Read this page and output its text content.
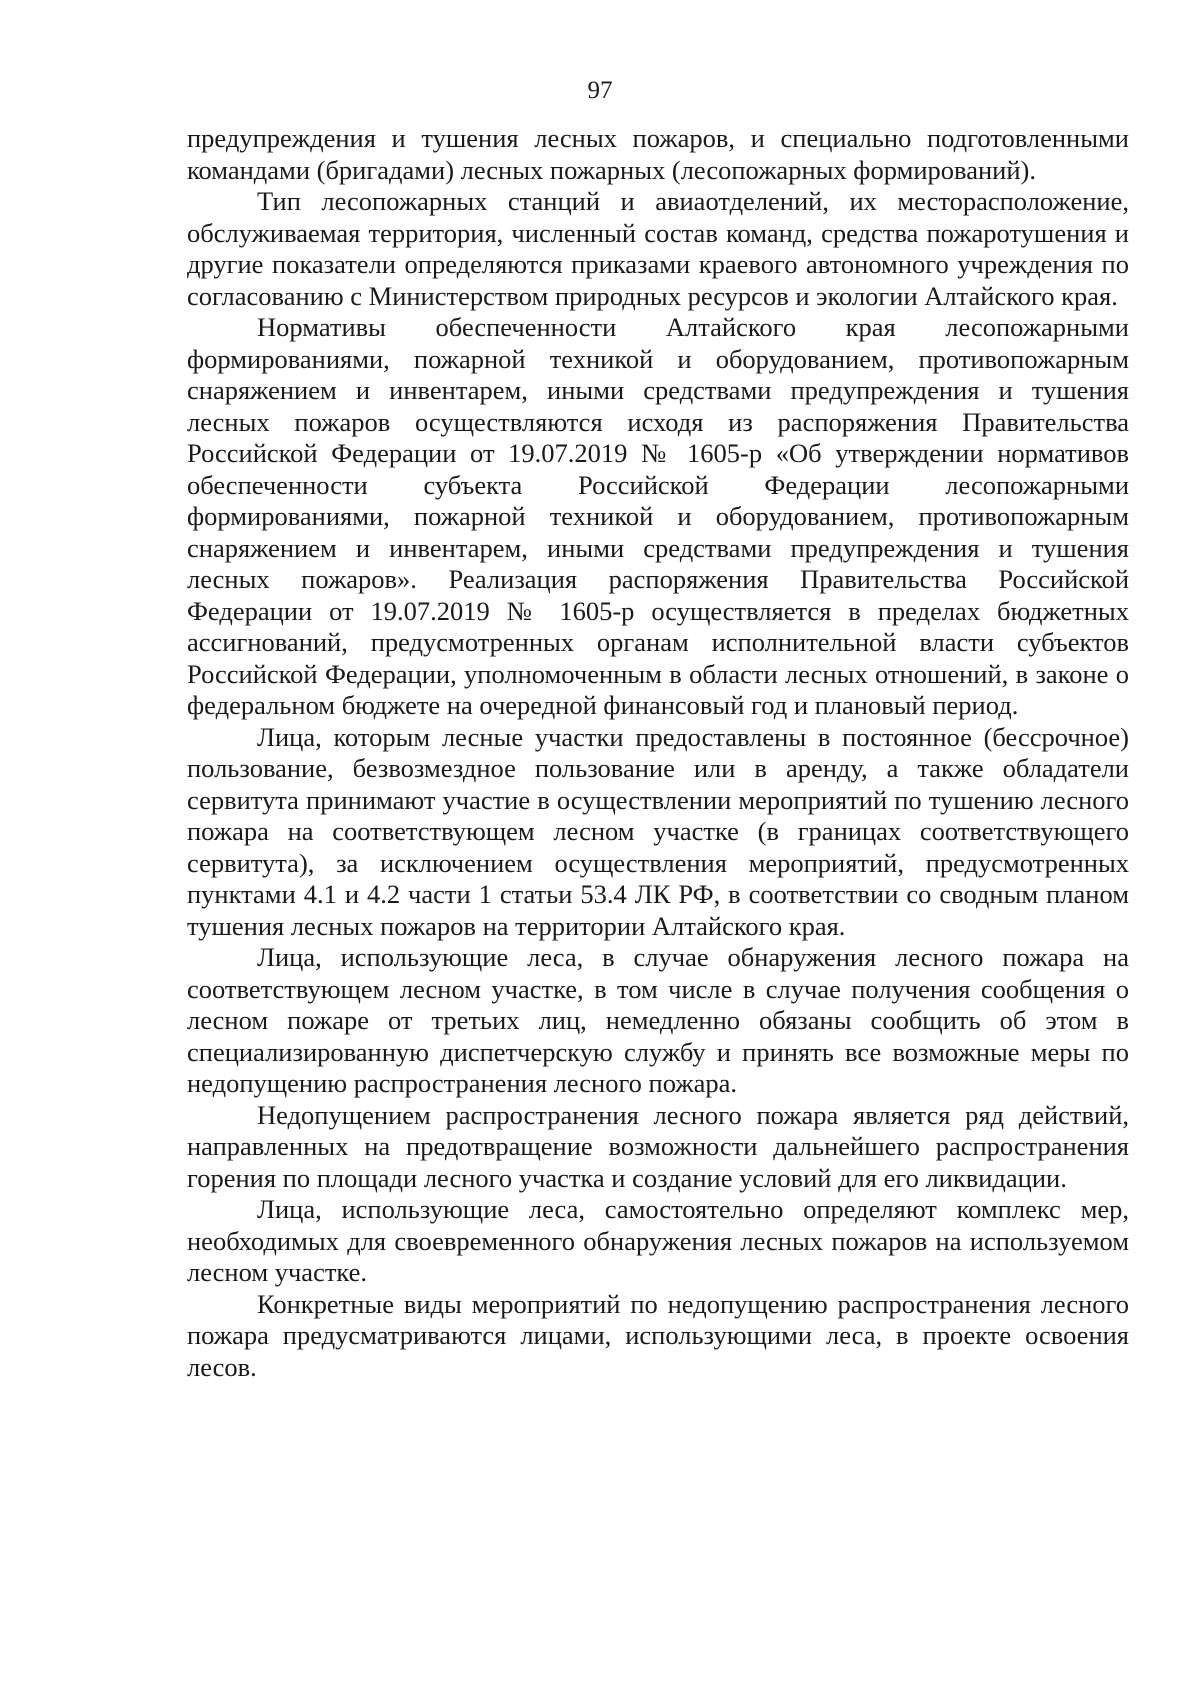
97

предупреждения и тушения лесных пожаров, и специально подготовленными командами (бригадами) лесных пожарных (лесопожарных формирований).

Тип лесопожарных станций и авиаотделений, их месторасположение, обслуживаемая территория, численный состав команд, средства пожаротушения и другие показатели определяются приказами краевого автономного учреждения по согласованию с Министерством природных ресурсов и экологии Алтайского края.

Нормативы обеспеченности Алтайского края лесопожарными формированиями, пожарной техникой и оборудованием, противопожарным снаряжением и инвентарем, иными средствами предупреждения и тушения лесных пожаров осуществляются исходя из распоряжения Правительства Российской Федерации от 19.07.2019 № 1605-р «Об утверждении нормативов обеспеченности субъекта Российской Федерации лесопожарными формированиями, пожарной техникой и оборудованием, противопожарным снаряжением и инвентарем, иными средствами предупреждения и тушения лесных пожаров». Реализация распоряжения Правительства Российской Федерации от 19.07.2019 № 1605-р осуществляется в пределах бюджетных ассигнований, предусмотренных органам исполнительной власти субъектов Российской Федерации, уполномоченным в области лесных отношений, в законе о федеральном бюджете на очередной финансовый год и плановый период.

Лица, которым лесные участки предоставлены в постоянное (бессрочное) пользование, безвозмездное пользование или в аренду, а также обладатели сервитута принимают участие в осуществлении мероприятий по тушению лесного пожара на соответствующем лесном участке (в границах соответствующего сервитута), за исключением осуществления мероприятий, предусмотренных пунктами 4.1 и 4.2 части 1 статьи 53.4 ЛК РФ, в соответствии со сводным планом тушения лесных пожаров на территории Алтайского края.

Лица, использующие леса, в случае обнаружения лесного пожара на соответствующем лесном участке, в том числе в случае получения сообщения о лесном пожаре от третьих лиц, немедленно обязаны сообщить об этом в специализированную диспетчерскую службу и принять все возможные меры по недопущению распространения лесного пожара.

Недопущением распространения лесного пожара является ряд действий, направленных на предотвращение возможности дальнейшего распространения горения по площади лесного участка и создание условий для его ликвидации.

Лица, использующие леса, самостоятельно определяют комплекс мер, необходимых для своевременного обнаружения лесных пожаров на используемом лесном участке.

Конкретные виды мероприятий по недопущению распространения лесного пожара предусматриваются лицами, использующими леса, в проекте освоения лесов.
